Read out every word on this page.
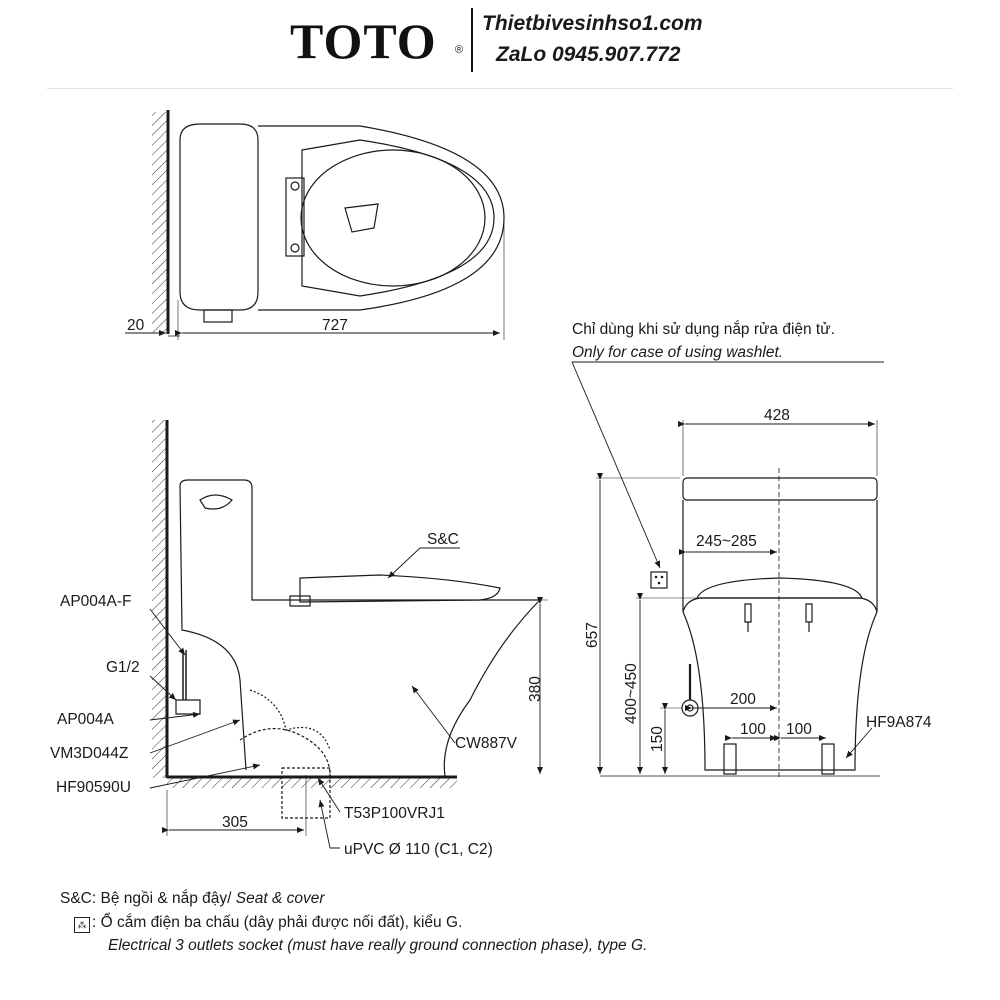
TOTO ®
Thietbivesinhso1.com
ZaLo 0945.907.772
20	727
S&C
AP004A-F
G1/2
AP004A
VM3D044Z
HF90590U
CW887V
T53P100VRJ1
uPVC Ø 110 (C1, C2)
380
305
Chỉ dùng khi sử dụng nắp rửa điện tử.
Only for case of using washlet.
428
245~285
657
400~450
150
200
100 100	HF9A874
S&C: Bệ ngồi & nắp đậy/ Seat & cover
⁂ : Ổ cắm điện ba chấu (dây phải được nối đất), kiểu G.
Electrical 3 outlets socket (must have really ground connection phase), type G.
